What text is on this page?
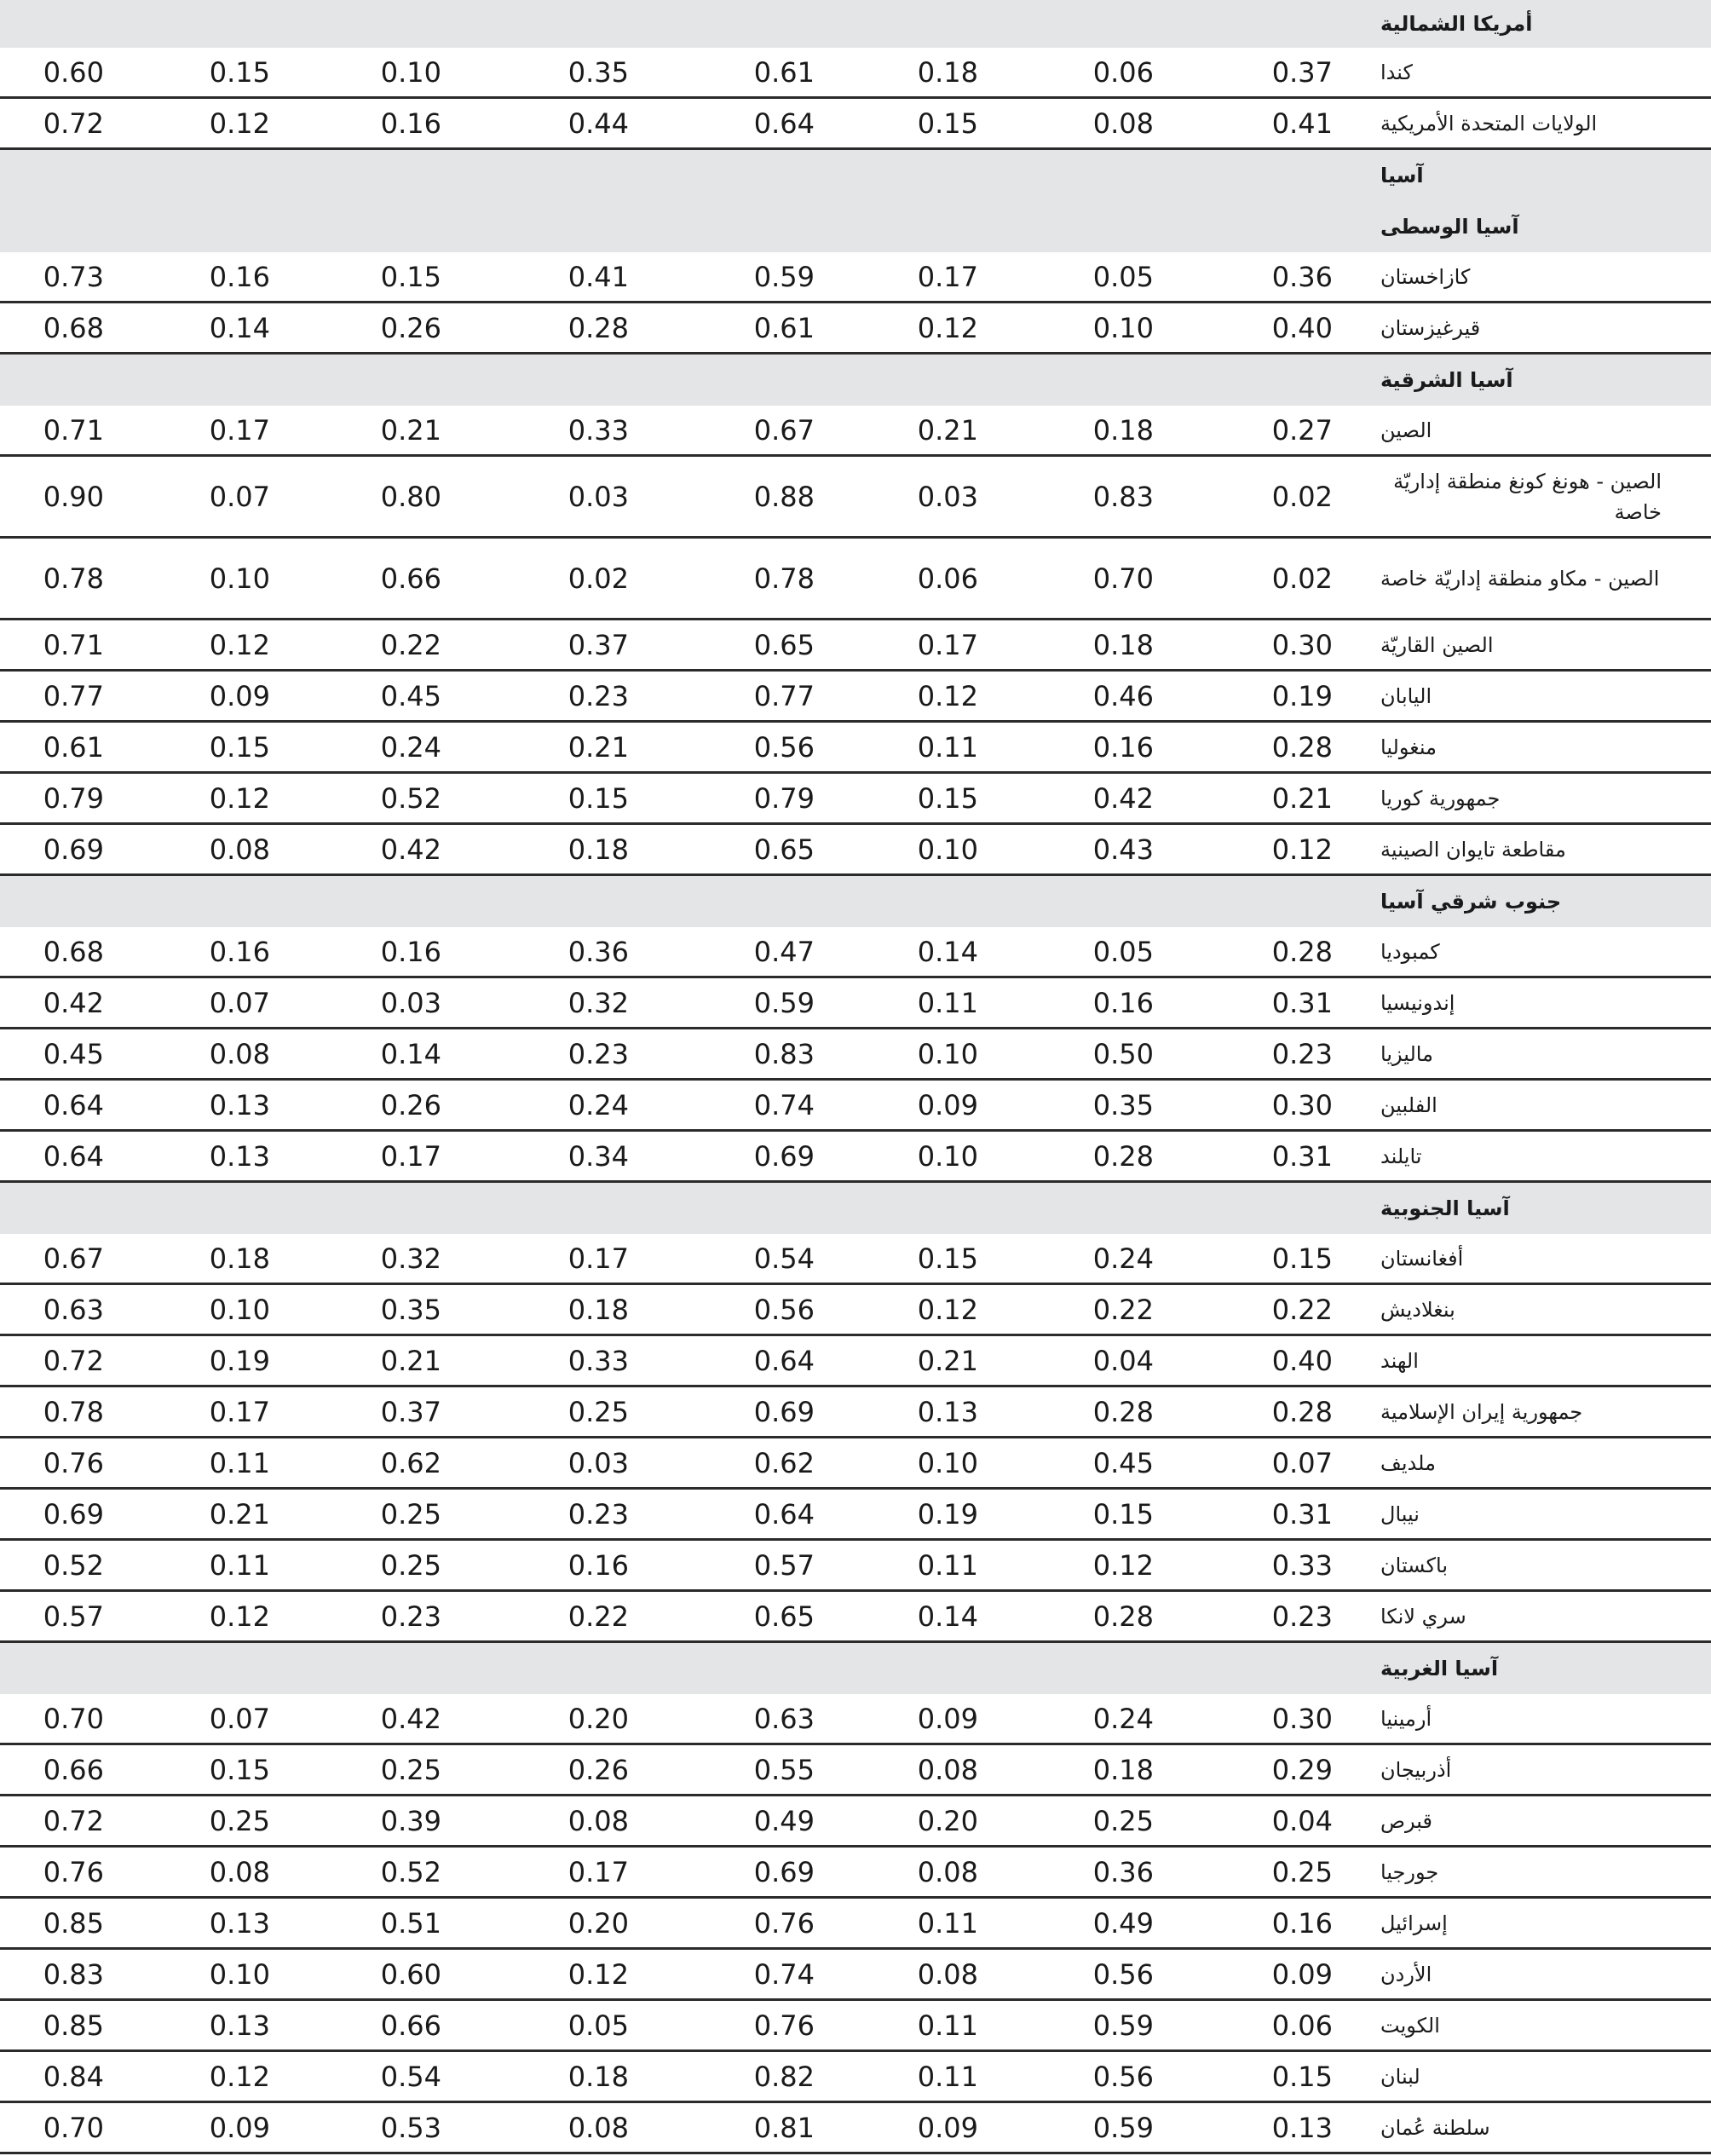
أمريكا الشمالية
كندا
0.37
0.06
0.18
0.61
0.35
0.10
0.15
0.60
الولايات المتحدة الأمريكية
0.41
0.08
0.15
0.64
0.44
0.16
0.12
0.72
آسيا
آسيا الوسطى
كازاخستان
0.36
0.05
0.17
0.59
0.41
0.15
0.16
0.73
قيرغيزستان
0.40
0.10
0.12
0.61
0.28
0.26
0.14
0.68
آسيا الشرقية
الصين
0.27
0.18
0.21
0.67
0.33
0.21
0.17
0.71
الصين - هونغ كونغ منطقة إداريّة خاصة
0.02
0.83
0.03
0.88
0.03
0.80
0.07
0.90
الصين - مكاو منطقة إداريّة خاصة
0.02
0.70
0.06
0.78
0.02
0.66
0.10
0.78
الصين القاريّة
0.30
0.18
0.17
0.65
0.37
0.22
0.12
0.71
اليابان
0.19
0.46
0.12
0.77
0.23
0.45
0.09
0.77
منغوليا
0.28
0.16
0.11
0.56
0.21
0.24
0.15
0.61
جمهورية كوريا
0.21
0.42
0.15
0.79
0.15
0.52
0.12
0.79
مقاطعة تايوان الصينية
0.12
0.43
0.10
0.65
0.18
0.42
0.08
0.69
جنوب شرقي آسيا
كمبوديا
0.28
0.05
0.14
0.47
0.36
0.16
0.16
0.68
إندونيسيا
0.31
0.16
0.11
0.59
0.32
0.03
0.07
0.42
ماليزيا
0.23
0.50
0.10
0.83
0.23
0.14
0.08
0.45
الفلبين
0.30
0.35
0.09
0.74
0.24
0.26
0.13
0.64
تايلند
0.31
0.28
0.10
0.69
0.34
0.17
0.13
0.64
آسيا الجنوبية
أفغانستان
0.15
0.24
0.15
0.54
0.17
0.32
0.18
0.67
بنغلاديش
0.22
0.22
0.12
0.56
0.18
0.35
0.10
0.63
الهند
0.40
0.04
0.21
0.64
0.33
0.21
0.19
0.72
جمهورية إيران الإسلامية
0.28
0.28
0.13
0.69
0.25
0.37
0.17
0.78
ملديف
0.07
0.45
0.10
0.62
0.03
0.62
0.11
0.76
نيبال
0.31
0.15
0.19
0.64
0.23
0.25
0.21
0.69
باكستان
0.33
0.12
0.11
0.57
0.16
0.25
0.11
0.52
سري لانكا
0.23
0.28
0.14
0.65
0.22
0.23
0.12
0.57
آسيا الغربية
أرمينيا
0.30
0.24
0.09
0.63
0.20
0.42
0.07
0.70
أذربيجان
0.29
0.18
0.08
0.55
0.26
0.25
0.15
0.66
قبرص
0.04
0.25
0.20
0.49
0.08
0.39
0.25
0.72
جورجيا
0.25
0.36
0.08
0.69
0.17
0.52
0.08
0.76
إسرائيل
0.16
0.49
0.11
0.76
0.20
0.51
0.13
0.85
الأردن
0.09
0.56
0.08
0.74
0.12
0.60
0.10
0.83
الكويت
0.06
0.59
0.11
0.76
0.05
0.66
0.13
0.85
لبنان
0.15
0.56
0.11
0.82
0.18
0.54
0.12
0.84
سلطنة عُمان
0.13
0.59
0.09
0.81
0.08
0.53
0.09
0.70
